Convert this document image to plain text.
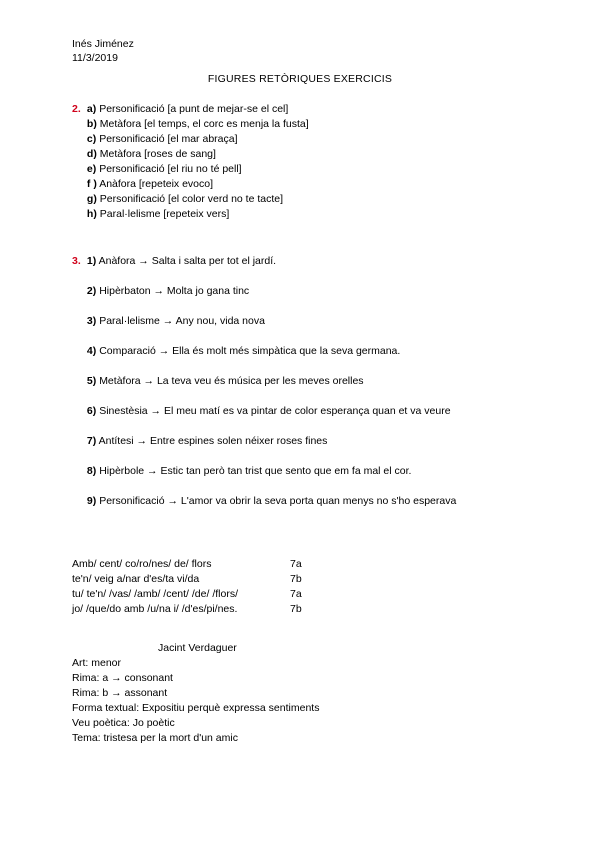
Inés Jiménez
11/3/2019
FIGURES RETÒRIQUES EXERCICIS
2. a) Personificació [a punt de mejar-se el cel]
b) Metàfora [el temps, el corc es menja la fusta]
c) Personificació [el mar abraça]
d) Metàfora [roses de sang]
e) Personificació [el riu no té pell]
f ) Anàfora [repeteix evoco]
g) Personificació [el color verd no te tacte]
h) Paral·lelisme [repeteix vers]
3. 1) Anàfora → Salta i salta per tot el jardí.
2) Hipèrbaton → Molta jo gana tinc
3) Paral·lelisme → Any nou, vida nova
4) Comparació → Ella és molt més simpàtica que la seva germana.
5) Metàfora → La teva veu és música per les meves orelles
6) Sinestèsia → El meu matí es va pintar de color esperança quan et va veure
7) Antítesi → Entre espines solen néixer roses fines
8) Hipèrbole → Estic tan però tan trist que sento que em fa mal el cor.
9) Personificació → L'amor va obrir la seva porta quan menys no s'ho esperava
Amb/ cent/ co/ro/nes/ de/ flors	7a
te'n/ veig a/nar d'es/ta vi/da	7b
tu/ te'n/ /vas/ /amb/ /cent/ /de/ /flors/	7a
jo/ /que/do amb /u/na i/ /d'es/pi/nes.	7b
Jacint Verdaguer
Art: menor
Rima: a → consonant
Rima: b → assonant
Forma textual: Expositiu perquè expressa sentiments
Veu poètica: Jo poètic
Tema: tristesa per la mort d'un amic
